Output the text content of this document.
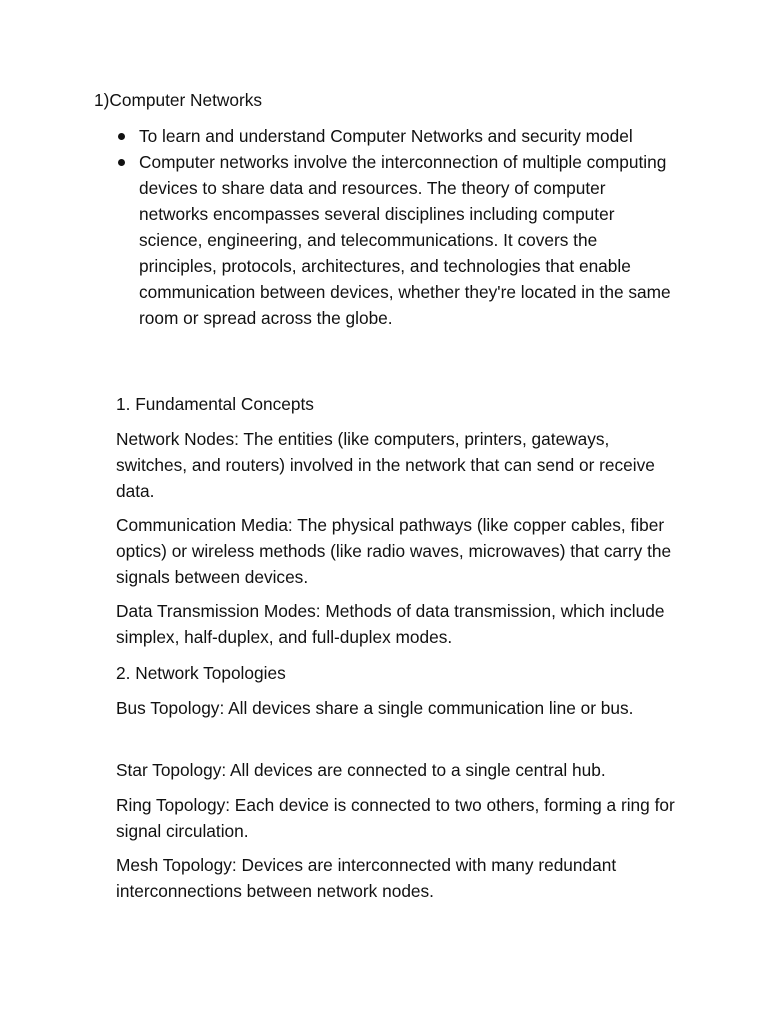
1)Computer Networks
To learn and understand Computer Networks and security model
Computer networks involve the interconnection of multiple computing devices to share data and resources. The theory of computer networks encompasses several disciplines including computer science, engineering, and telecommunications. It covers the principles, protocols, architectures, and technologies that enable communication between devices, whether they're located in the same room or spread across the globe.

1. Fundamental Concepts

Network Nodes: The entities (like computers, printers, gateways, switches, and routers) involved in the network that can send or receive data.

Communication Media: The physical pathways (like copper cables, fiber optics) or wireless methods (like radio waves, microwaves) that carry the signals between devices.

Data Transmission Modes: Methods of data transmission, which include simplex, half-duplex, and full-duplex modes.

2. Network Topologies

Bus Topology: All devices share a single communication line or bus.

Star Topology: All devices are connected to a single central hub.

Ring Topology: Each device is connected to two others, forming a ring for signal circulation.

Mesh Topology: Devices are interconnected with many redundant interconnections between network nodes.
